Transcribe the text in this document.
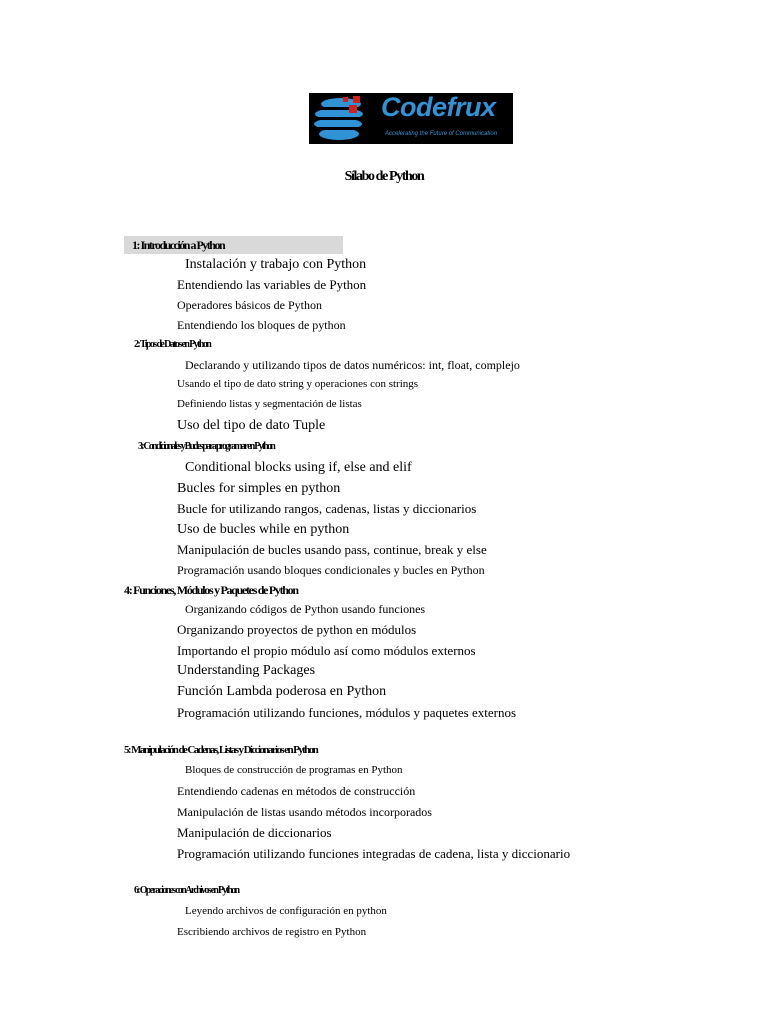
Codefrux
Accelerating the Future of Communication
Sílabo de Python
1: Introducción a Python
Instalación y trabajo con Python
Entendiendo las variables de Python
Operadores básicos de Python
Entendiendo los bloques de python
2: Tipos de Datos en Python
Declarando y utilizando tipos de datos numéricos: int, float, complejo
Usando el tipo de dato string y operaciones con strings
Definiendo listas y segmentación de listas
Uso del tipo de dato Tuple
3: Condicionales y Bucles para programar en Python
Conditional blocks using if, else and elif
Bucles for simples en python
Bucle for utilizando rangos, cadenas, listas y diccionarios
Uso de bucles while en python
Manipulación de bucles usando pass, continue, break y else
Programación usando bloques condicionales y bucles en Python
4: Funciones, Módulos y Paquetes de Python
Organizando códigos de Python usando funciones
Organizando proyectos de python en módulos
Importando el propio módulo así como módulos externos
Understanding Packages
Función Lambda poderosa en Python
Programación utilizando funciones, módulos y paquetes externos
5: Manipulación de Cadenas, Listas y Diccionarios en Python
Bloques de construcción de programas en Python
Entendiendo cadenas en métodos de construcción
Manipulación de listas usando métodos incorporados
Manipulación de diccionarios
Programación utilizando funciones integradas de cadena, lista y diccionario
6: Operaciones con Archivos en Python
Leyendo archivos de configuración en python
Escribiendo archivos de registro en Python
